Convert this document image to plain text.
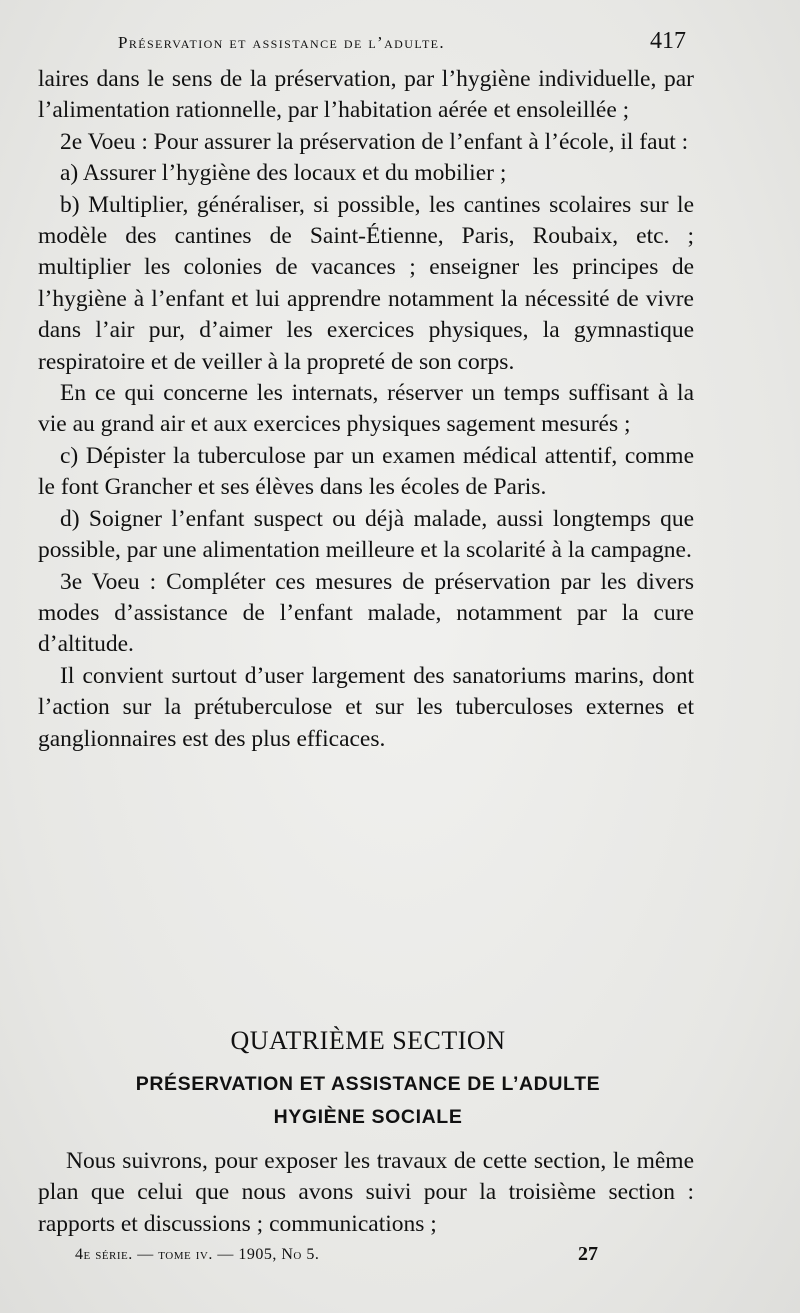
Préservation et assistance de l’adulte.	417

laires dans le sens de la préservation, par l’hygiène individuelle, par l’alimentation rationnelle, par l’habitation aérée et ensoleillée ;

2e Voeu : Pour assurer la préservation de l’enfant à l’école, il faut :

a) Assurer l’hygiène des locaux et du mobilier ;

b) Multiplier, généraliser, si possible, les cantines scolaires sur le modèle des cantines de Saint-Étienne, Paris, Roubaix, etc. ; multiplier les colonies de vacances ; enseigner les principes de l’hygiène à l’enfant et lui apprendre notamment la nécessité de vivre dans l’air pur, d’aimer les exercices physiques, la gymnastique respiratoire et de veiller à la propreté de son corps.

En ce qui concerne les internats, réserver un temps suffisant à la vie au grand air et aux exercices physiques sagement mesurés ;

c) Dépister la tuberculose par un examen médical attentif, comme le font Grancher et ses élèves dans les écoles de Paris.

d) Soigner l’enfant suspect ou déjà malade, aussi longtemps que possible, par une alimentation meilleure et la scolarité à la campagne.

3e Voeu : Compléter ces mesures de préservation par les divers modes d’assistance de l’enfant malade, notamment par la cure d’altitude.

Il convient surtout d’user largement des sanatoriums marins, dont l’action sur la prétuberculose et sur les tuberculoses externes et ganglionnaires est des plus efficaces.

QUATRIÈME SECTION
PRÉSERVATION ET ASSISTANCE DE L’ADULTE
HYGIÈNE SOCIALE

Nous suivrons, pour exposer les travaux de cette section, le même plan que celui que nous avons suivi pour la troisième section : rapports et discussions ; communications ;

4e série. — tome iv. — 1905, No 5.	27
